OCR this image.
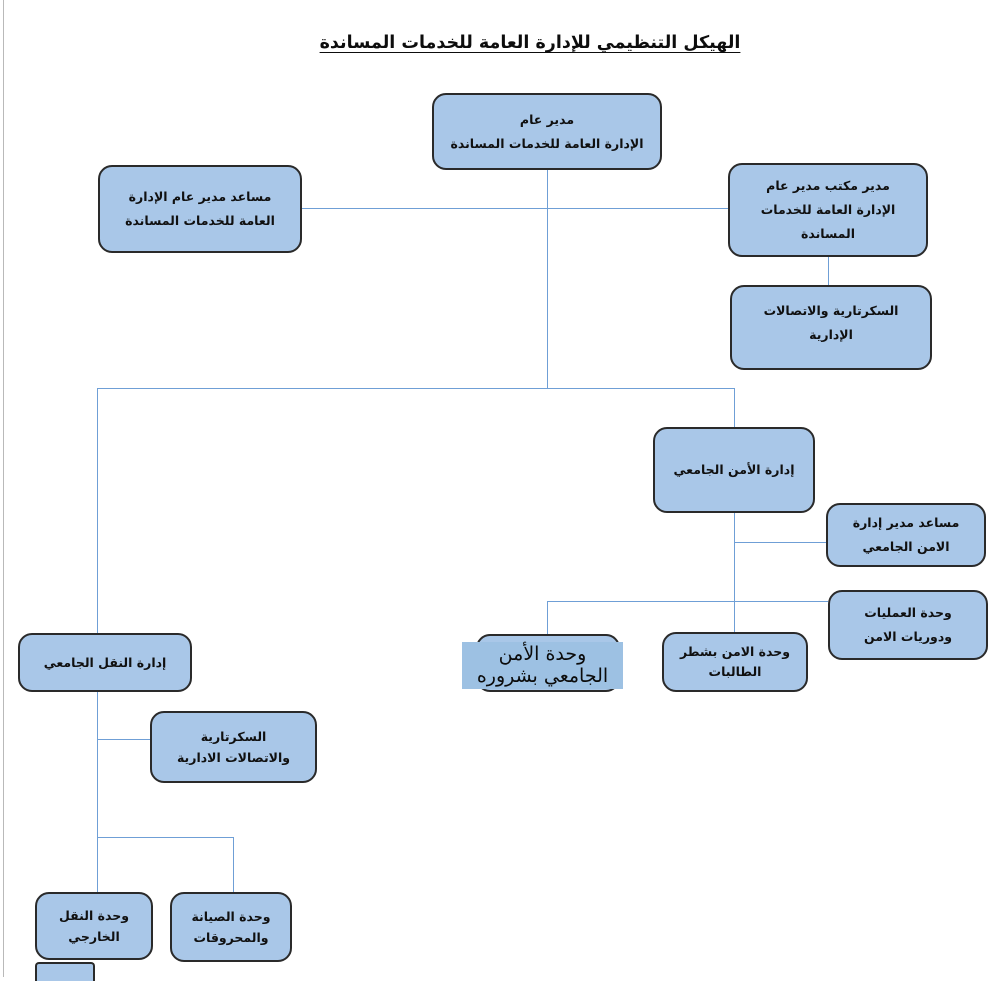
الهيكل التنظيمي للإدارة العامة للخدمات المساندة
مدير عام
الإدارة العامة للخدمات المساندة
مساعد مدير عام الإدارة
العامة للخدمات المساندة
مدير مكتب مدير عام
الإدارة العامة للخدمات
المساندة
السكرتارية والاتصالات
الإدارية
إدارة الأمن الجامعي
مساعد مدير إدارة
الامن الجامعي
وحدة العمليات
ودوريات الامن
وحدة الامن بشطر
الطالبات
وحدة الأمن
الجامعي بشروره
إدارة النقل الجامعي
السكرتارية
والاتصالات الادارية
وحدة النقل
الخارجي
وحدة الصيانة
والمحروقات
